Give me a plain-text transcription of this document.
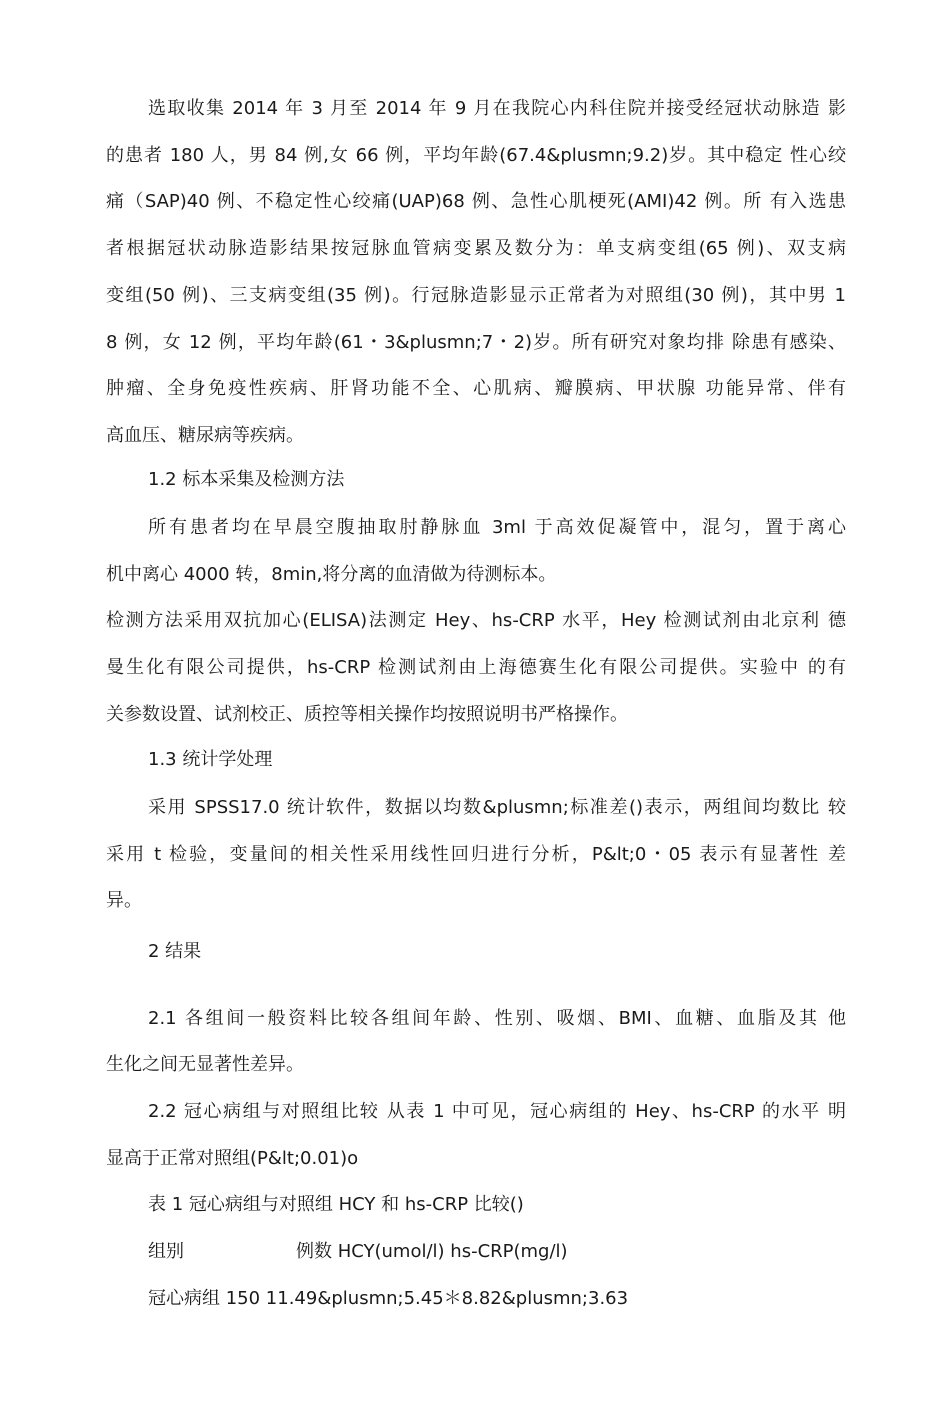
选取收集 2014 年 3 月至 2014 年 9 月在我院心内科住院并接受经冠状动脉造 影
的患者 180 人，男 84 例,女 66 例，平均年龄(67.4&plusmn;9.2)岁。其中稳定 性心绞
痛（SAP)40 例、不稳定性心绞痛(UAP)68 例、急性心肌梗死(AMI)42 例。所 有入选患
者根据冠状动脉造影结果按冠脉血管病变累及数分为：单支病变组(65 例)、双支病
变组(50 例)、三支病变组(35 例)。行冠脉造影显示正常者为对照组(30 例)，其中男 1
8 例，女 12 例，平均年龄(61・3&plusmn;7・2)岁。所有研究对象均排 除患有感染、
肿瘤、全身免疫性疾病、肝肾功能不全、心肌病、瓣膜病、甲状腺 功能异常、伴有
高血压、糖尿病等疾病。
1.2 标本采集及检测方法
所有患者均在早晨空腹抽取肘静脉血 3ml 于高效促凝管中，混匀，置于离心
机中离心 4000 转，8min,将分离的血清做为待测标本。
检测方法采用双抗加心(ELISA)法测定 Hey、hs-CRP 水平，Hey 检测试剂由北京利 德
曼生化有限公司提供，hs-CRP 检测试剂由上海德赛生化有限公司提供。实验中 的有
关参数设置、试剂校正、质控等相关操作均按照说明书严格操作。
1.3 统计学处理
采用 SPSS17.0 统计软件，数据以均数&plusmn;标准差()表示，两组间均数比 较
采用 t 检验，变量间的相关性采用线性回归进行分析，P&lt;0・05 表示有显著性 差
异。
2 结果
2.1 各组间一般资料比较各组间年龄、性别、吸烟、BMI、血糖、血脂及其 他
生化之间无显著性差异。
2.2 冠心病组与对照组比较 从表 1 中可见，冠心病组的 Hey、hs-CRP 的水平 明
显高于正常对照组(P&lt;0.01)o
表 1 冠心病组与对照组 HCY 和 hs-CRP 比较()
组别	例数 HCY(umol/l) hs-CRP(mg/l)
冠心病组 150 11.49&plusmn;5.45＊8.82&plusmn;3.63
